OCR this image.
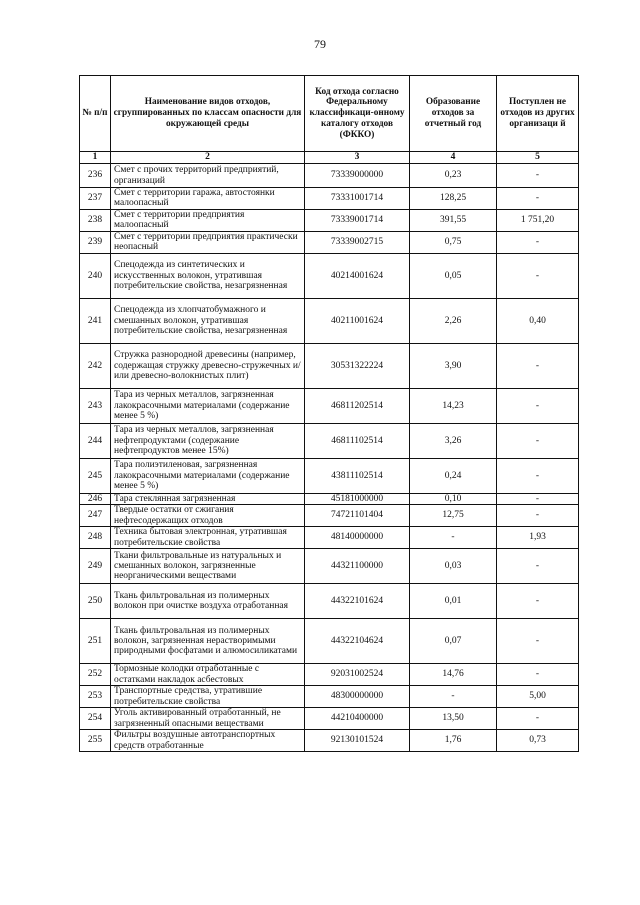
79
№ п/п	Наименование видов отходов, сгруппированных по классам опасности для окружающей среды	Код отхода согласно Федеральному классификаци-онному каталогу отходов (ФККО)	Образование отходов за отчетный год	Поступлен не отходов из других организаци й
1	2	3	4	5
236	Смет с прочих территорий предприятий, организаций	73339000000	0,23	-
237	Смет с территории гаража, автостоянки малоопасный	73331001714	128,25	-
238	Смет с территории предприятия малоопасный	73339001714	391,55	1 751,20
239	Смет с территории предприятия практически неопасный	73339002715	0,75	-
240	Спецодежда из синтетических и искусственных волокон, утратившая потребительские свойства, незагрязненная	40214001624	0,05	-
241	Спецодежда из хлопчатобумажного и смешанных волокон, утратившая потребительские свойства, незагрязненная	40211001624	2,26	0,40
242	Стружка разнородной древесины (например, содержащая стружку древесно-стружечных и/или древесно-волокнистых плит)	30531322224	3,90	-
243	Тара из черных металлов, загрязненная лакокрасочными материалами (содержание менее 5 %)	46811202514	14,23	-
244	Тара из черных металлов, загрязненная нефтепродуктами (содержание нефтепродуктов менее 15%)	46811102514	3,26	-
245	Тара полиэтиленовая, загрязненная лакокрасочными материалами (содержание менее 5 %)	43811102514	0,24	-
246	Тара стеклянная загрязненная	45181000000	0,10	-
247	Твердые остатки от сжигания нефтесодержащих отходов	74721101404	12,75	-
248	Техника бытовая электронная, утратившая потребительские свойства	48140000000	-	1,93
249	Ткани фильтровальные из натуральных и смешанных волокон, загрязненные неорганическими веществами	44321100000	0,03	-
250	Ткань фильтровальная из полимерных волокон при очистке воздуха отработанная	44322101624	0,01	-
251	Ткань фильтровальная из полимерных волокон, загрязненная нерастворимыми природными фосфатами и алюмосиликатами	44322104624	0,07	-
252	Тормозные колодки отработанные с остатками накладок асбестовых	92031002524	14,76	-
253	Транспортные средства, утратившие потребительские свойства	48300000000	-	5,00
254	Уголь активированный отработанный, не загрязненный опасными веществами	44210400000	13,50	-
255	Фильтры воздушные автотранспортных средств отработанные	92130101524	1,76	0,73
